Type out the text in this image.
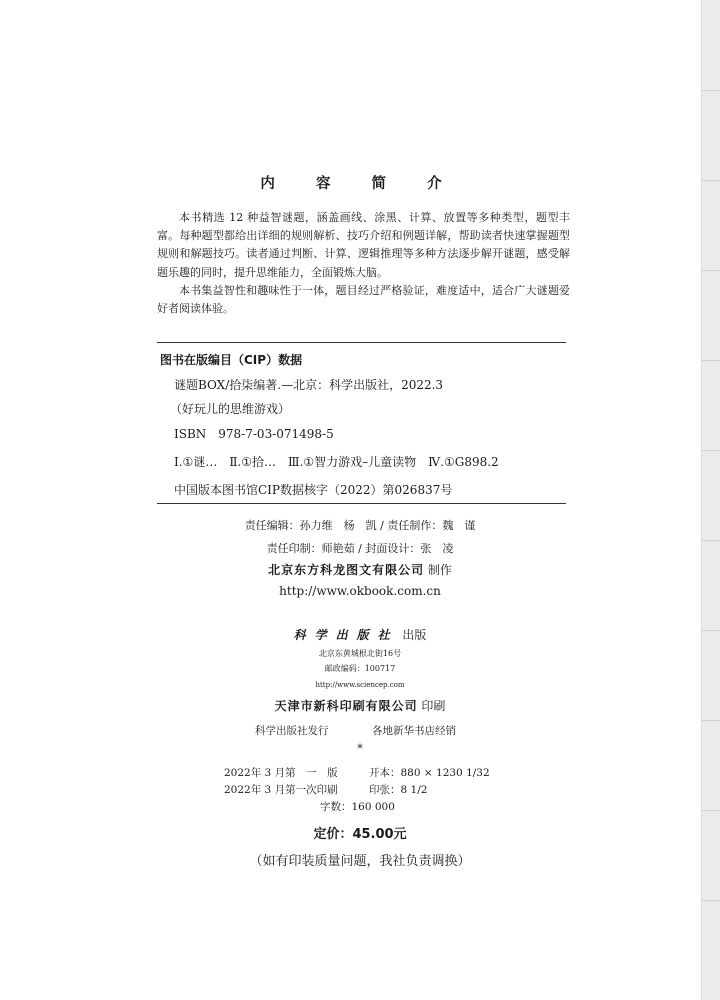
内 容 简 介

本书精选 12 种益智谜题，涵盖画线、涂黑、计算、放置等多种类型，题型丰富。每种题型都给出详细的规则解析、技巧介绍和例题详解，帮助读者快速掌握题型规则和解题技巧。读者通过判断、计算、逻辑推理等多种方法逐步解开谜题，感受解题乐趣的同时，提升思维能力，全面锻炼大脑。

本书集益智性和趣味性于一体，题目经过严格验证，难度适中，适合广大谜题爱好者阅读体验。

图书在版编目（CIP）数据
谜题BOX/拾柒编著.—北京：科学出版社，2022.3
（好玩儿的思维游戏）
ISBN　978-7-03-071498-5
Ⅰ.①谜…　Ⅱ.①拾…　Ⅲ.①智力游戏–儿童读物　Ⅳ.①G898.2
中国版本图书馆CIP数据核字（2022）第026837号
责任编辑：孙力维　杨　凯 / 责任制作：魏　谨
责任印制：师艳茹 / 封面设计：张　凌
北京东方科龙图文有限公司 制作
http://www.okbook.com.cn
科学出版社 出版
北京东黄城根北街16号
邮政编码：100717
http://www.sciencep.com
天津市新科印刷有限公司 印刷
科学出版社发行	各地新华书店经销
*
2022年 3 月第　一　版	开本：880 × 1230 1/32
2022年 3 月第一次印刷	印张：8 1/2
字数：160 000
定价：45.00元
（如有印装质量问题，我社负责调换）
